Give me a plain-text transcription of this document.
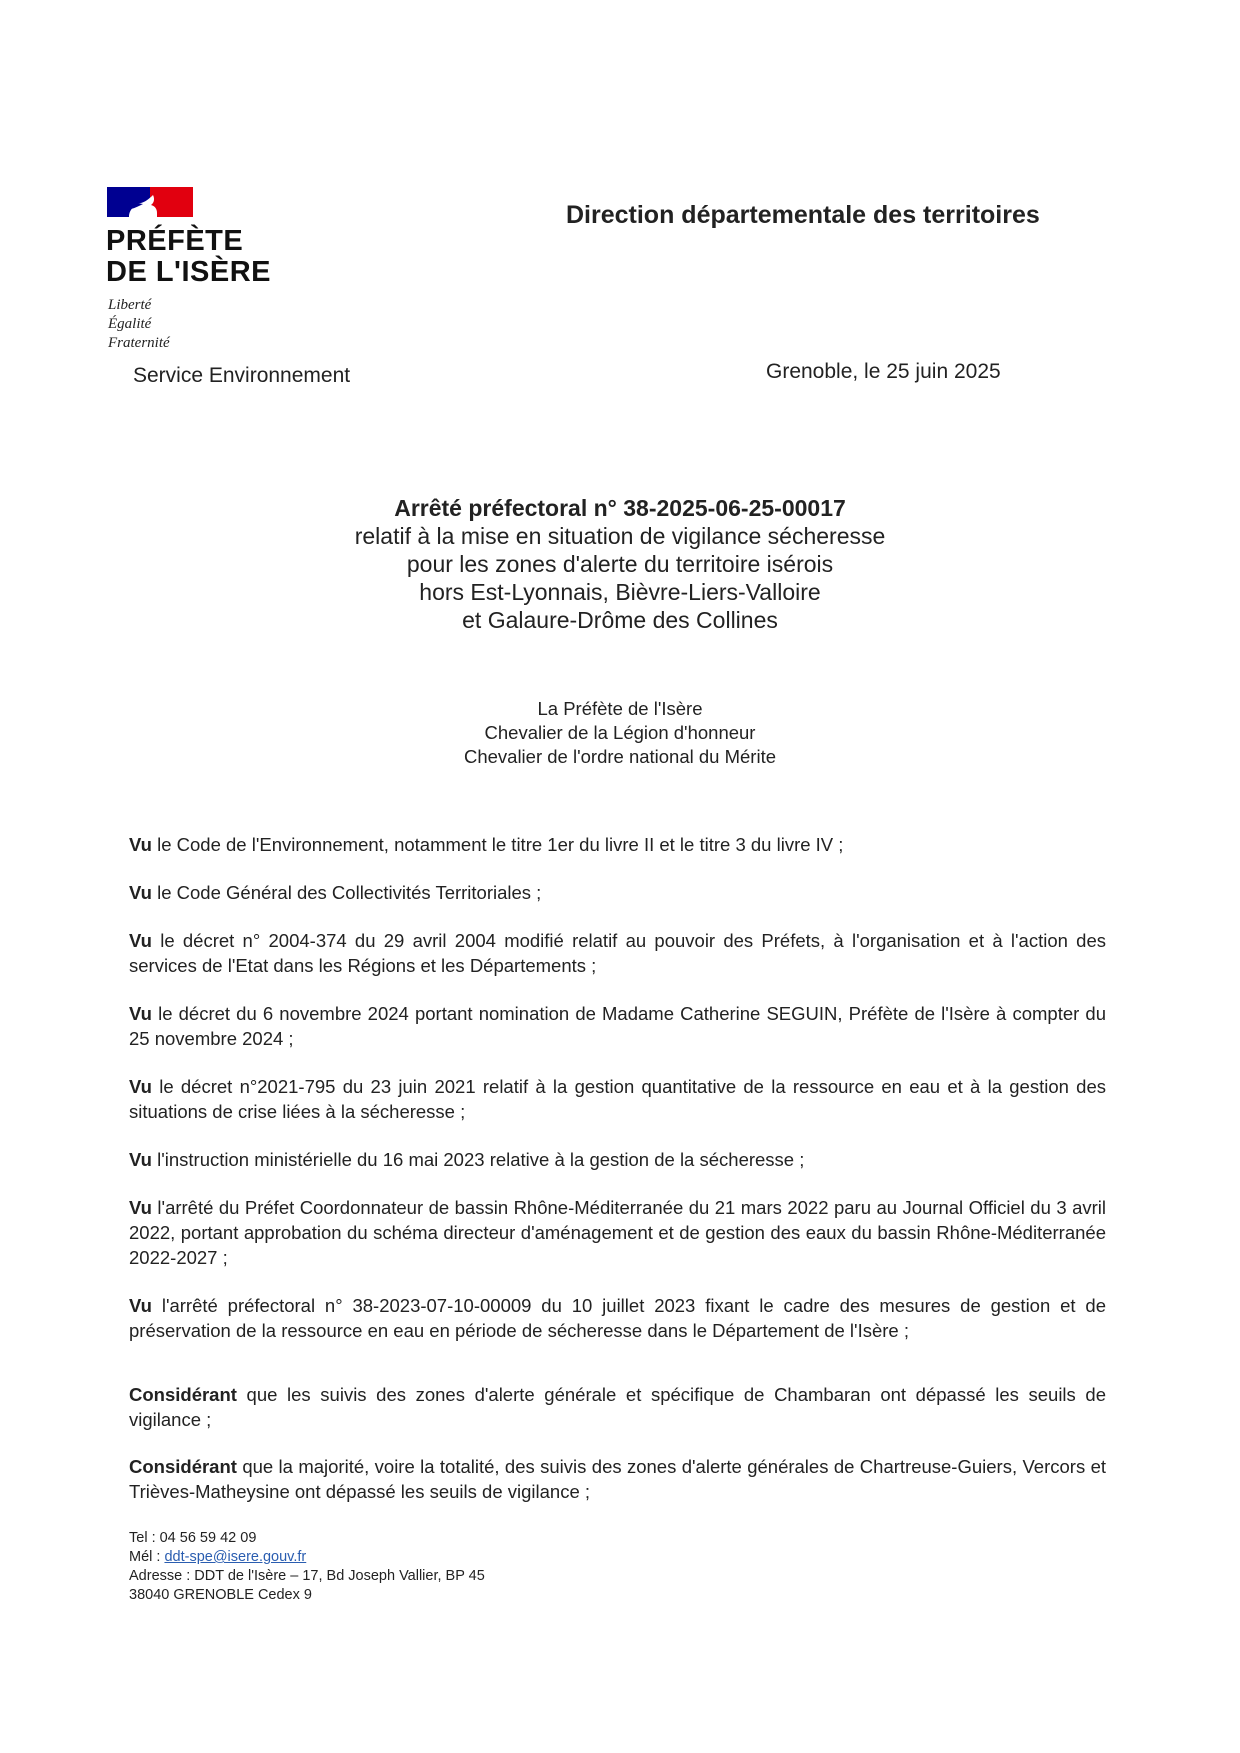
PRÉFÈTE
DE L'ISÈRE
Liberté
Égalité
Fraternité
Service Environnement
Direction départementale des territoires
Grenoble, le 25 juin 2025
Arrêté préfectoral n° 38-2025-06-25-00017
relatif à la mise en situation de vigilance sécheresse
pour les zones d'alerte du territoire isérois
hors Est-Lyonnais, Bièvre-Liers-Valloire
et Galaure-Drôme des Collines
La Préfète de l'Isère
Chevalier de la Légion d'honneur
Chevalier de l'ordre national du Mérite

Vu le Code de l'Environnement, notamment le titre 1er du livre II et le titre 3 du livre IV ;

Vu le Code Général des Collectivités Territoriales ;

Vu le décret n° 2004-374 du 29 avril 2004 modifié relatif au pouvoir des Préfets, à l'organisation et à l'action des services de l'Etat dans les Régions et les Départements ;

Vu le décret du 6 novembre 2024 portant nomination de Madame Catherine SEGUIN, Préfète de l'Isère à compter du 25 novembre 2024 ;

Vu le décret n°2021-795 du 23 juin 2021 relatif à la gestion quantitative de la ressource en eau et à la gestion des situations de crise liées à la sécheresse ;

Vu l'instruction ministérielle du 16 mai 2023 relative à la gestion de la sécheresse ;

Vu l'arrêté du Préfet Coordonnateur de bassin Rhône-Méditerranée du 21 mars 2022 paru au Journal Officiel du 3 avril 2022, portant approbation du schéma directeur d'aménagement et de gestion des eaux du bassin Rhône-Méditerranée 2022-2027 ;

Vu l'arrêté préfectoral n° 38-2023-07-10-00009 du 10 juillet 2023 fixant le cadre des mesures de gestion et de préservation de la ressource en eau en période de sécheresse dans le Département de l'Isère ;

Considérant que les suivis des zones d'alerte générale et spécifique de Chambaran ont dépassé les seuils de vigilance ;

Considérant que la majorité, voire la totalité, des suivis des zones d'alerte générales de Chartreuse-Guiers, Vercors et Trièves-Matheysine ont dépassé les seuils de vigilance ;

Tel : 04 56 59 42 09
Mél : ddt-spe@isere.gouv.fr
Adresse : DDT de l'Isère – 17, Bd Joseph Vallier, BP 45
38040 GRENOBLE Cedex 9
